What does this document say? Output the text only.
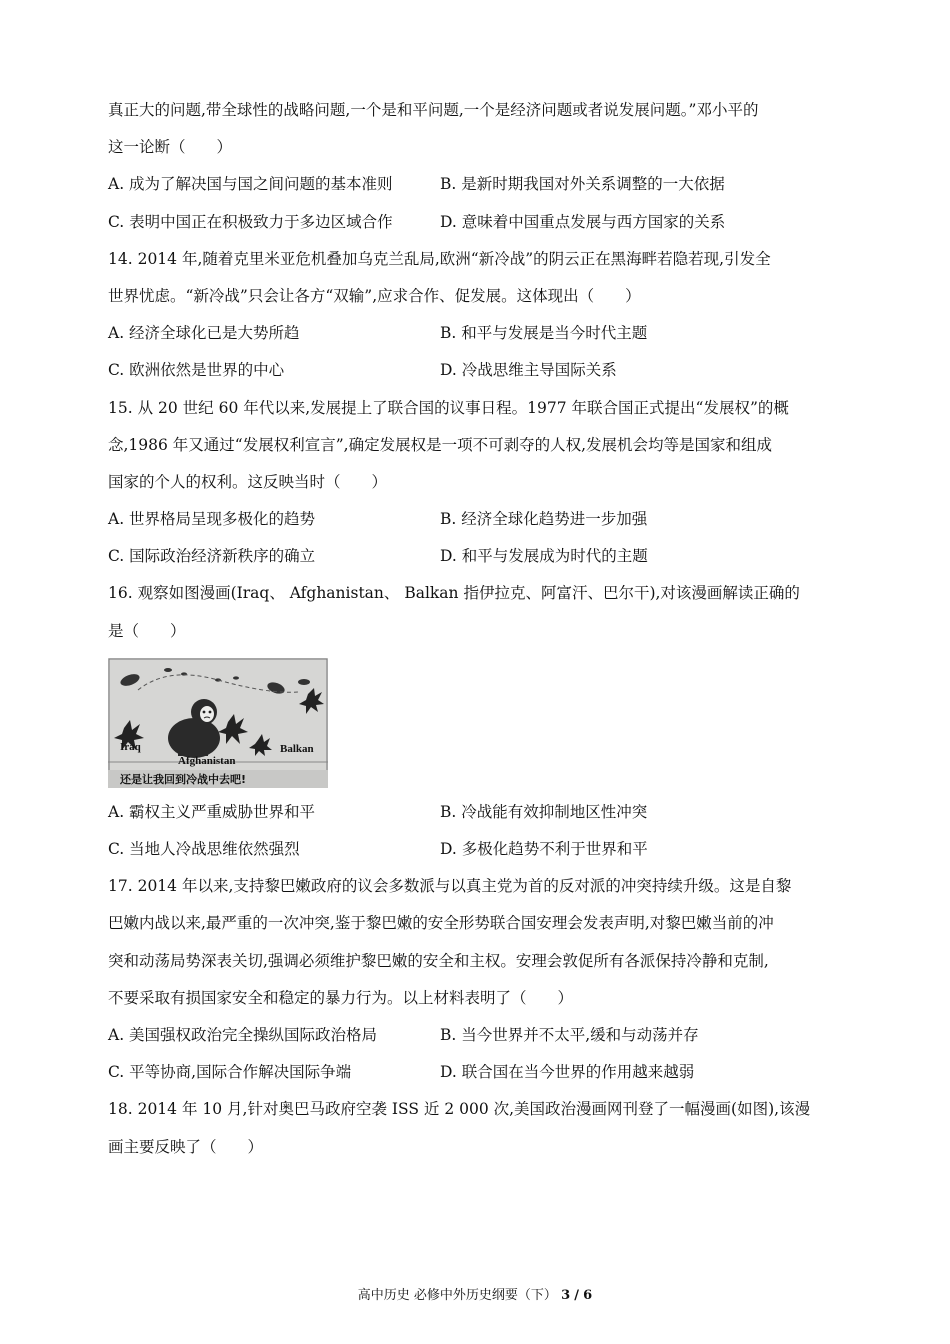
真正大的问题,带全球性的战略问题,一个是和平问题,一个是经济问题或者说发展问题。”邓小平的
这一论断（　　）
A. 成为了解决国与国之间问题的基本准则	B. 是新时期我国对外关系调整的一大依据
C. 表明中国正在积极致力于多边区域合作	D. 意味着中国重点发展与西方国家的关系
14. 2014 年,随着克里米亚危机叠加乌克兰乱局,欧洲“新冷战”的阴云正在黑海畔若隐若现,引发全
世界忧虑。“新冷战”只会让各方“双输”,应求合作、促发展。这体现出（　　）
A. 经济全球化已是大势所趋	B. 和平与发展是当今时代主题
C. 欧洲依然是世界的中心	D. 冷战思维主导国际关系
15. 从 20 世纪 60 年代以来,发展提上了联合国的议事日程。1977 年联合国正式提出“发展权”的概
念,1986 年又通过“发展权利宣言”,确定发展权是一项不可剥夺的人权,发展机会均等是国家和组成
国家的个人的权利。这反映当时（　　）
A. 世界格局呈现多极化的趋势	B. 经济全球化趋势进一步加强
C. 国际政治经济新秩序的确立	D. 和平与发展成为时代的主题
16. 观察如图漫画(Iraq、 Afghanistan、 Balkan 指伊拉克、阿富汗、巴尔干),对该漫画解读正确的
是（　　）
Iraq
Afghanistan
Balkan
还是让我回到冷战中去吧!
A. 霸权主义严重威胁世界和平	B. 冷战能有效抑制地区性冲突
C. 当地人冷战思维依然强烈	D. 多极化趋势不利于世界和平
17. 2014 年以来,支持黎巴嫩政府的议会多数派与以真主党为首的反对派的冲突持续升级。这是自黎
巴嫩内战以来,最严重的一次冲突,鉴于黎巴嫩的安全形势联合国安理会发表声明,对黎巴嫩当前的冲
突和动荡局势深表关切,强调必须维护黎巴嫩的安全和主权。安理会敦促所有各派保持冷静和克制,
不要采取有损国家安全和稳定的暴力行为。以上材料表明了（　　）
A. 美国强权政治完全操纵国际政治格局	B. 当今世界并不太平,缓和与动荡并存
C. 平等协商,国际合作解决国际争端	D. 联合国在当今世界的作用越来越弱
18. 2014 年 10 月,针对奥巴马政府空袭 ISS 近 2 000 次,美国政治漫画网刊登了一幅漫画(如图),该漫
画主要反映了（　　）
高中历史 必修中外历史纲要（下） 3 / 6
